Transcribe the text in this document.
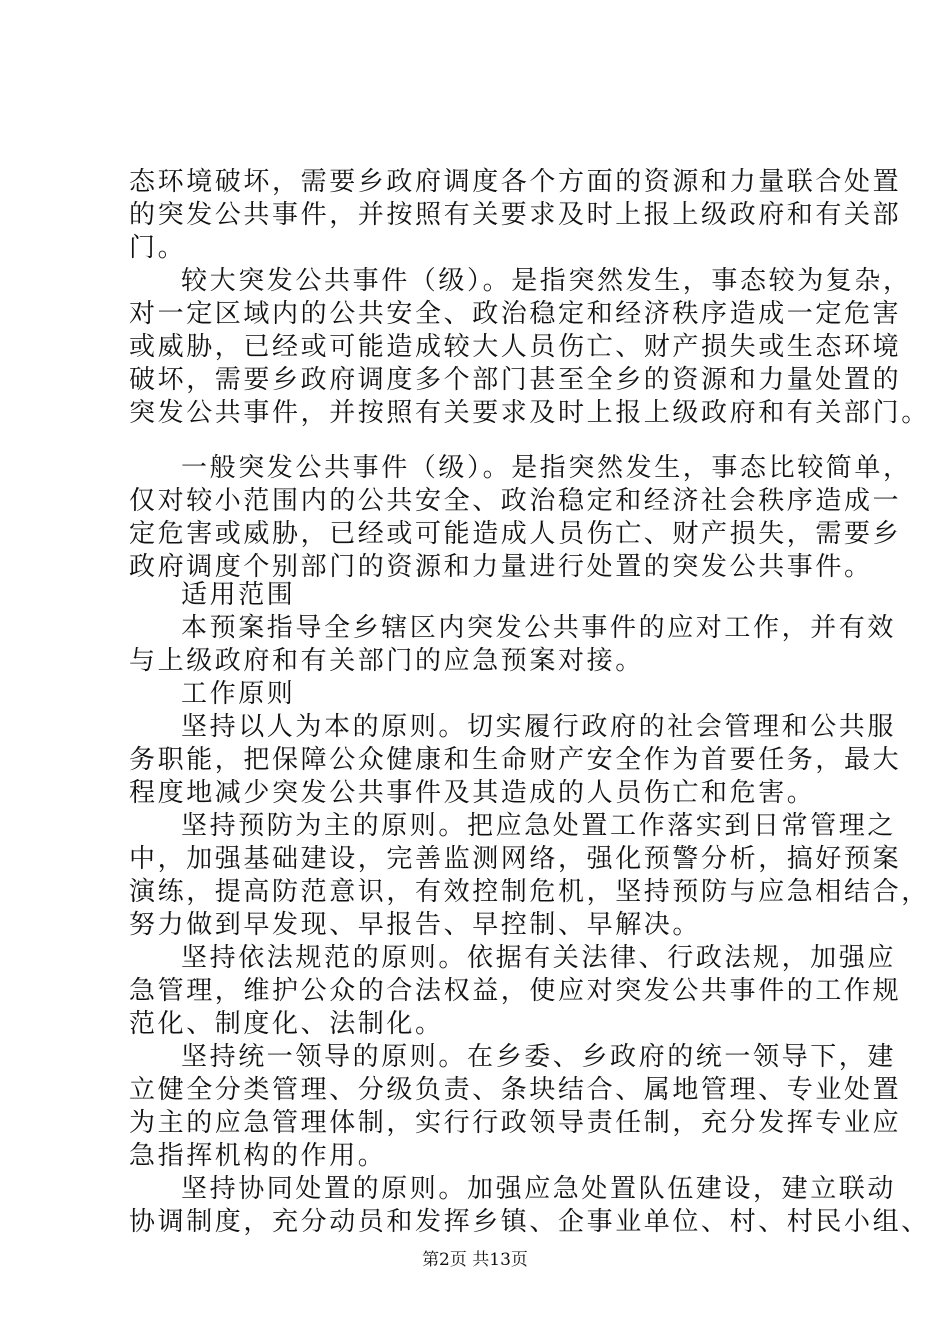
态环境破坏，需要乡政府调度各个方面的资源和力量联合处置
的突发公共事件，并按照有关要求及时上报上级政府和有关部
门。
较大突发公共事件（级）。是指突然发生，事态较为复杂，
对一定区域内的公共安全、政治稳定和经济秩序造成一定危害
或威胁，已经或可能造成较大人员伤亡、财产损失或生态环境
破坏，需要乡政府调度多个部门甚至全乡的资源和力量处置的
突发公共事件，并按照有关要求及时上报上级政府和有关部门。
一般突发公共事件（级）。是指突然发生，事态比较简单，
仅对较小范围内的公共安全、政治稳定和经济社会秩序造成一
定危害或威胁，已经或可能造成人员伤亡、财产损失，需要乡
政府调度个别部门的资源和力量进行处置的突发公共事件。
适用范围
本预案指导全乡辖区内突发公共事件的应对工作，并有效
与上级政府和有关部门的应急预案对接。
工作原则
坚持以人为本的原则。切实履行政府的社会管理和公共服
务职能，把保障公众健康和生命财产安全作为首要任务，最大
程度地减少突发公共事件及其造成的人员伤亡和危害。
坚持预防为主的原则。把应急处置工作落实到日常管理之
中，加强基础建设，完善监测网络，强化预警分析，搞好预案
演练，提高防范意识，有效控制危机，坚持预防与应急相结合，
努力做到早发现、早报告、早控制、早解决。
坚持依法规范的原则。依据有关法律、行政法规，加强应
急管理，维护公众的合法权益，使应对突发公共事件的工作规
范化、制度化、法制化。
坚持统一领导的原则。在乡委、乡政府的统一领导下，建
立健全分类管理、分级负责、条块结合、属地管理、专业处置
为主的应急管理体制，实行行政领导责任制，充分发挥专业应
急指挥机构的作用。
坚持协同处置的原则。加强应急处置队伍建设，建立联动
协调制度，充分动员和发挥乡镇、企事业单位、村、村民小组、
第2页 共13页
